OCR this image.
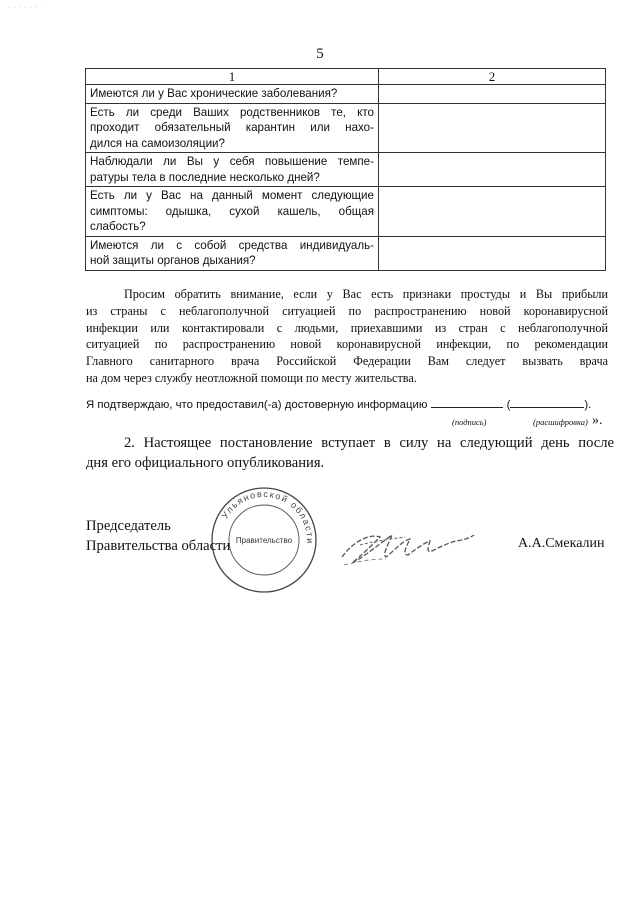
· · · · · · ·
5
1	2

Имеются ли у Вас хронические заболевания?	

Есть ли среди Ваших родственников те, кто
проходит обязательный карантин или нахо-
дился на самоизоляции?	

Наблюдали ли Вы у себя повышение темпе-
ратуры тела в последние несколько дней?	

Есть ли у Вас на данный момент следующие
симптомы: одышка, сухой кашель, общая
слабость?	

Имеются ли с собой средства индивидуаль-
ной защиты органов дыхания?	

Просим обратить внимание, если у Вас есть признаки простуды и Вы прибыли
из страны с неблагополучной ситуацией по распространению новой коронавирусной
инфекции или контактировали с людьми, приехавшими из стран с неблагополучной
ситуацией по распространению новой коронавирусной инфекции, по рекомендации
Главного санитарного врача Российской Федерации Вам следует вызвать врача
на дом через службу неотложной помощи по месту жительства.
Я подтверждаю, что предоставил(-а) достоверную информацию	(	).
(подпись)	(расшифровка) ».
2. Настоящее постановление вступает в силу на следующий день после
дня его официального опубликования.
Ульяновской области
Правительство
Председатель
Правительства области	А.А.Смекалин
